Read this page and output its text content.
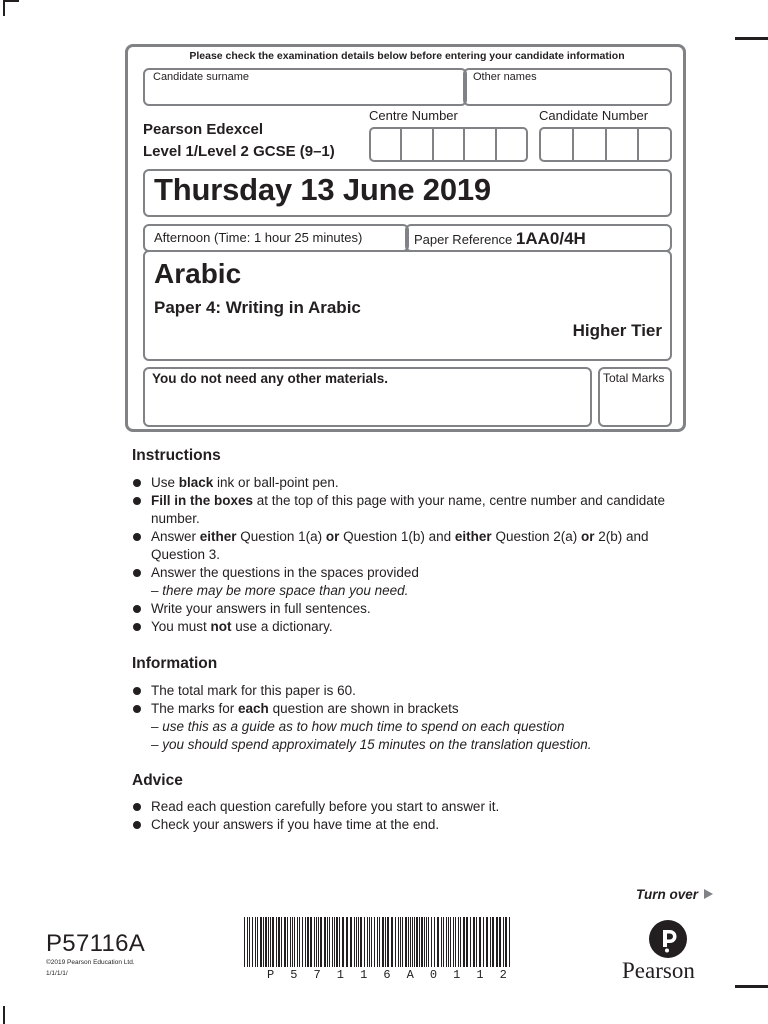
Please check the examination details below before entering your candidate information
Candidate surname	Other names
Pearson Edexcel
Level 1/Level 2 GCSE (9–1)
Centre Number	Candidate Number
Thursday 13 June 2019
Afternoon (Time: 1 hour 25 minutes)	Paper Reference 1AA0/4H
Arabic
Paper 4: Writing in Arabic
Higher Tier
You do not need any other materials.	Total Marks
Instructions
Use black ink or ball-point pen.
Fill in the boxes at the top of this page with your name, centre number and candidate number.
Answer either Question 1(a) or Question 1(b) and either Question 2(a) or 2(b) and Question 3.
Answer the questions in the spaces provided
– there may be more space than you need.
Write your answers in full sentences.
You must not use a dictionary.
Information
The total mark for this paper is 60.
The marks for each question are shown in brackets
– use this as a guide as to how much time to spend on each question
– you should spend approximately 15 minutes on the translation question.
Advice
Read each question carefully before you start to answer it.
Check your answers if you have time at the end.
Turn over
P57116A
©2019 Pearson Education Ltd.
1/1/1/1/	P 5 7 1 1 6 A 0 1 1 2	Pearson
